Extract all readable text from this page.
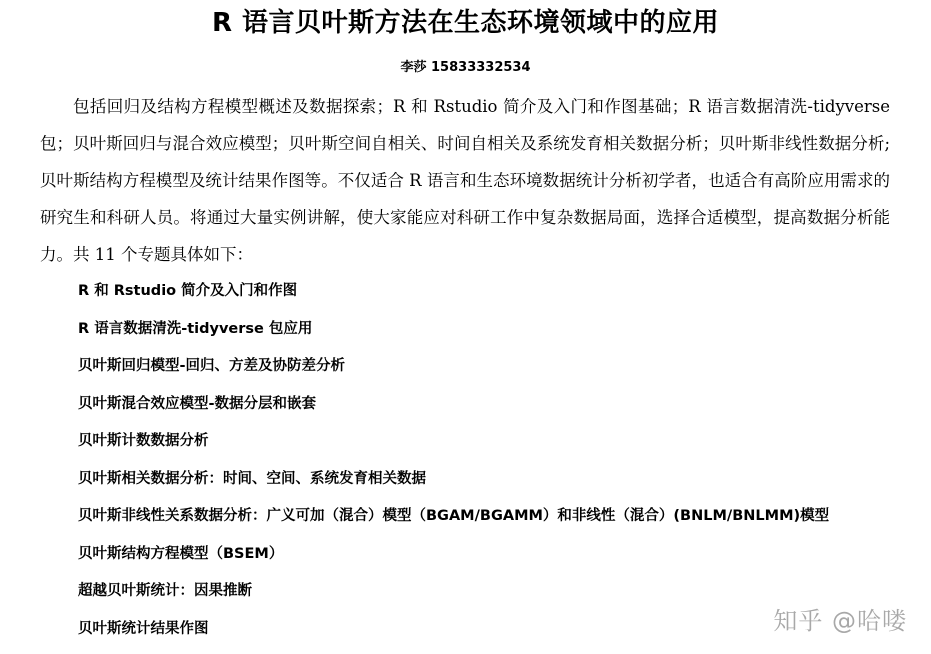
R 语言贝叶斯方法在生态环境领域中的应用
李莎 15833332534

包括回归及结构方程模型概述及数据探索；R 和 Rstudio 简介及入门和作图基础；R 语言数据清洗-tidyverse 包；贝叶斯回归与混合效应模型；贝叶斯空间自相关、时间自相关及系统发育相关数据分析；贝叶斯非线性数据分析;贝叶斯结构方程模型及统计结果作图等。不仅适合 R 语言和生态环境数据统计分析初学者，也适合有高阶应用需求的研究生和科研人员。将通过大量实例讲解，使大家能应对科研工作中复杂数据局面，选择合适模型，提高数据分析能力。共 11 个专题具体如下：

R 和 Rstudio 简介及入门和作图
R 语言数据清洗-tidyverse 包应用
贝叶斯回归模型-回归、方差及协防差分析
贝叶斯混合效应模型-数据分层和嵌套
贝叶斯计数数据分析
贝叶斯相关数据分析：时间、空间、系统发育相关数据
贝叶斯非线性关系数据分析：广义可加（混合）模型（BGAM/BGAMM）和非线性（混合）(BNLM/BNLMM)模型
贝叶斯结构方程模型（BSEM）
超越贝叶斯统计：因果推断
贝叶斯统计结果作图	知乎 @哈喽
